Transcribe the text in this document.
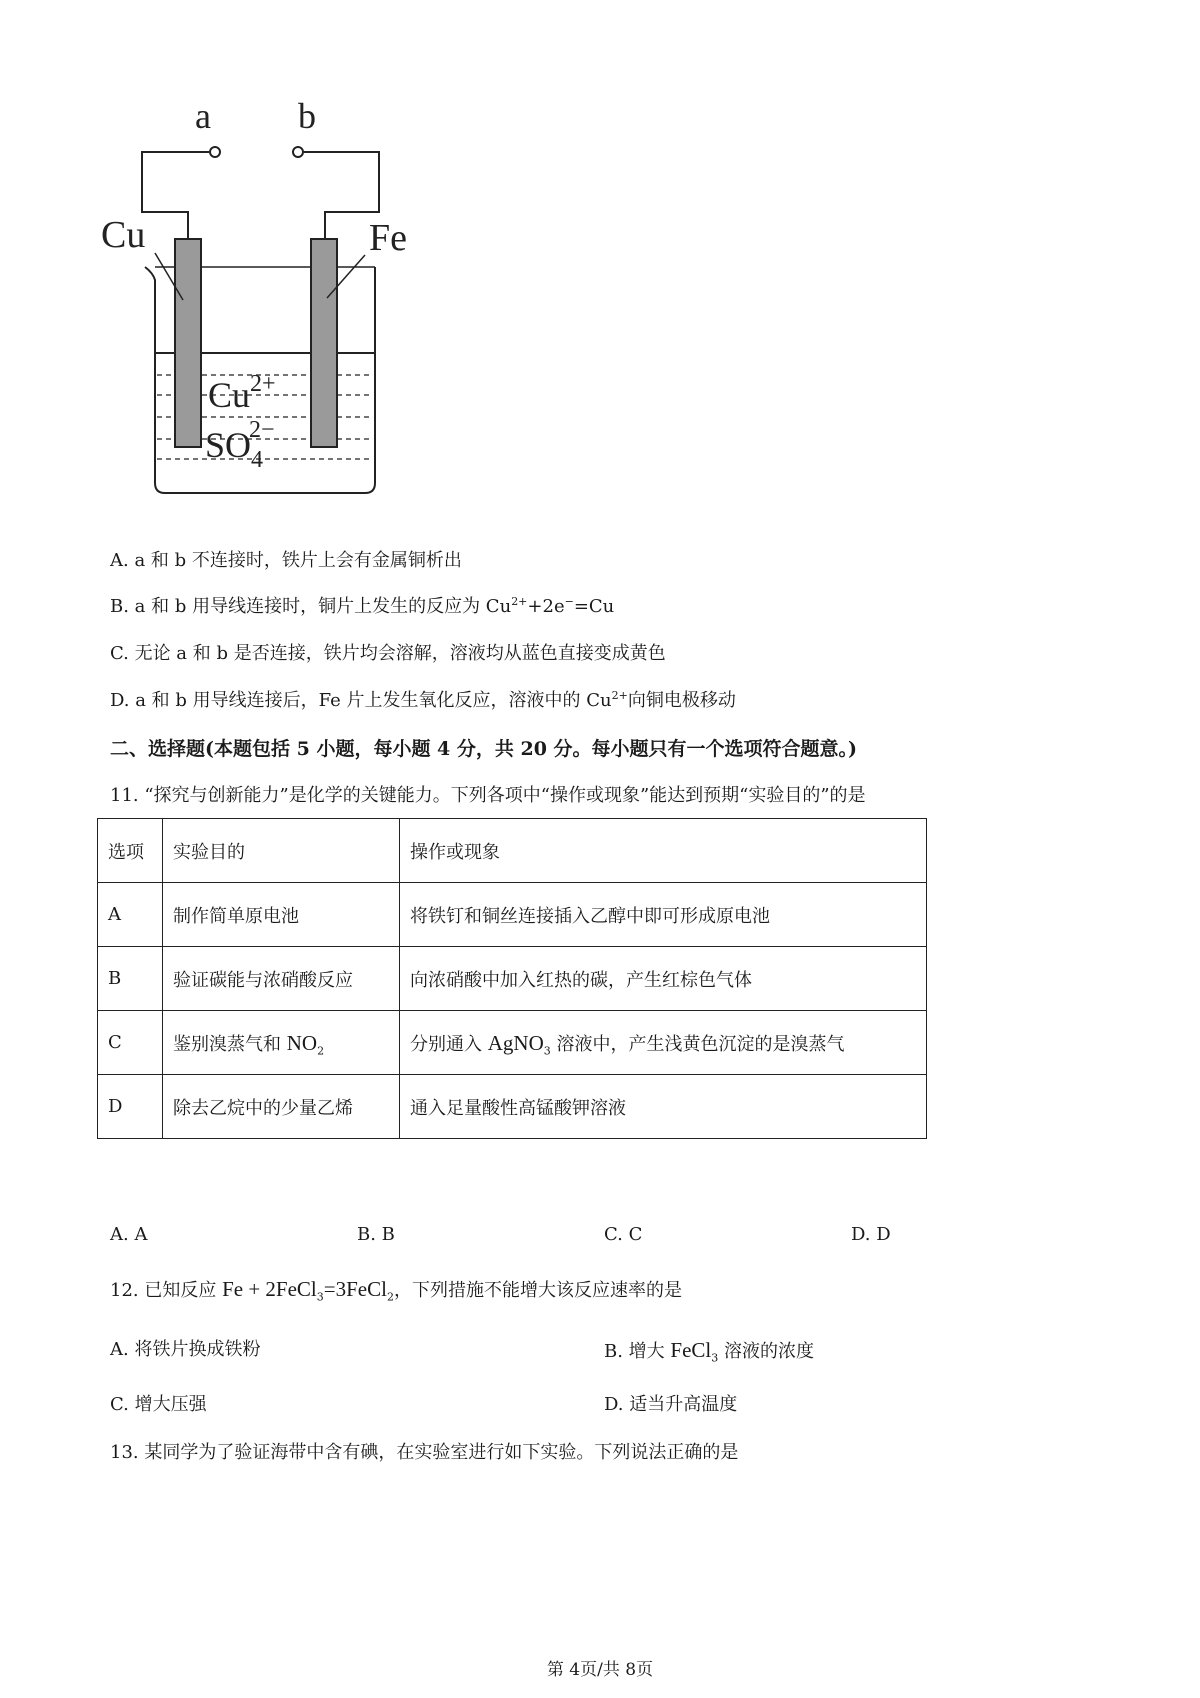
a b
Cu	Fe
$Cu^{2+}$
$SO_42-$
A. a 和 b 不连接时，铁片上会有金属铜析出
B. a 和 b 用导线连接时，铜片上发生的反应为 $Cu^{2+}+2e^-=Cu$
C. 无论 a 和 b 是否连接，铁片均会溶解，溶液均从蓝色直接变成黄色
D. a 和 b 用导线连接后，Fe 片上发生氧化反应，溶液中的 $Cu^{2+}$向铜电极移动
二、选择题(本题包括 5 小题，每小题 4 分，共 20 分。每小题只有一个选项符合题意。)
11. “探究与创新能力”是化学的关键能力。下列各项中“操作或现象”能达到预期“实验目的”的是
选项	实验目的	操作或现象
A	制作简单原电池	将铁钉和铜丝连接插入乙醇中即可形成原电池
B	验证碳能与浓硝酸反应	向浓硝酸中加入红热的碳，产生红棕色气体
C	鉴别溴蒸气和 $NO_2$	分别通入 AgNO$_3$ 溶液中，产生浅黄色沉淀的是溴蒸气
D	除去乙烷中的少量乙烯	通入足量酸性高锰酸钾溶液
A. A	B. B	C. C	D. D
12. 已知反应 Fe + 2FeCl$_3$=3FeCl$_2$，下列措施不能增大该反应速率的是
A. 将铁片换成铁粉	B. 增大 FeCl$_3$ 溶液的浓度
C. 增大压强	D. 适当升高温度
13. 某同学为了验证海带中含有碘，在实验室进行如下实验。下列说法正确的是
第 4页/共 8页
